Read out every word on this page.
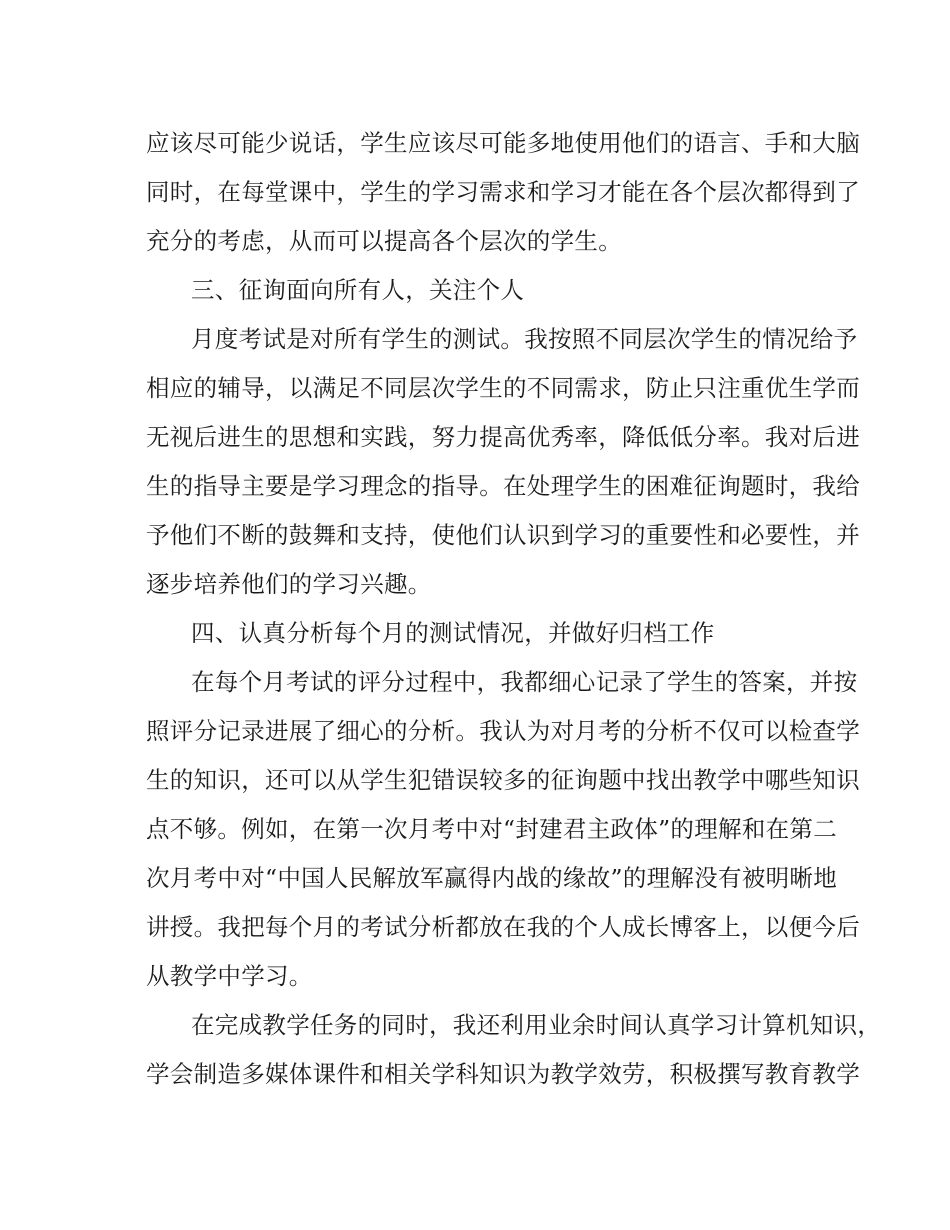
应该尽可能少说话，学生应该尽可能多地使用他们的语言、手和大脑

同时，在每堂课中，学生的学习需求和学习才能在各个层次都得到了

充分的考虑，从而可以提高各个层次的学生。

三、征询面向所有人，关注个人

月度考试是对所有学生的测试。我按照不同层次学生的情况给予

相应的辅导，以满足不同层次学生的不同需求，防止只注重优生学而

无视后进生的思想和实践，努力提高优秀率，降低低分率。我对后进

生的指导主要是学习理念的指导。在处理学生的困难征询题时，我给

予他们不断的鼓舞和支持，使他们认识到学习的重要性和必要性，并

逐步培养他们的学习兴趣。

四、认真分析每个月的测试情况，并做好归档工作

在每个月考试的评分过程中，我都细心记录了学生的答案，并按

照评分记录进展了细心的分析。我认为对月考的分析不仅可以检查学

生的知识，还可以从学生犯错误较多的征询题中找出教学中哪些知识

点不够。例如，在第一次月考中对“封建君主政体”的理解和在第二

次月考中对“中国人民解放军赢得内战的缘故”的理解没有被明晰地

讲授。我把每个月的考试分析都放在我的个人成长博客上，以便今后

从教学中学习。

在完成教学任务的同时，我还利用业余时间认真学习计算机知识，

学会制造多媒体课件和相关学科知识为教学效劳，积极撰写教育教学
